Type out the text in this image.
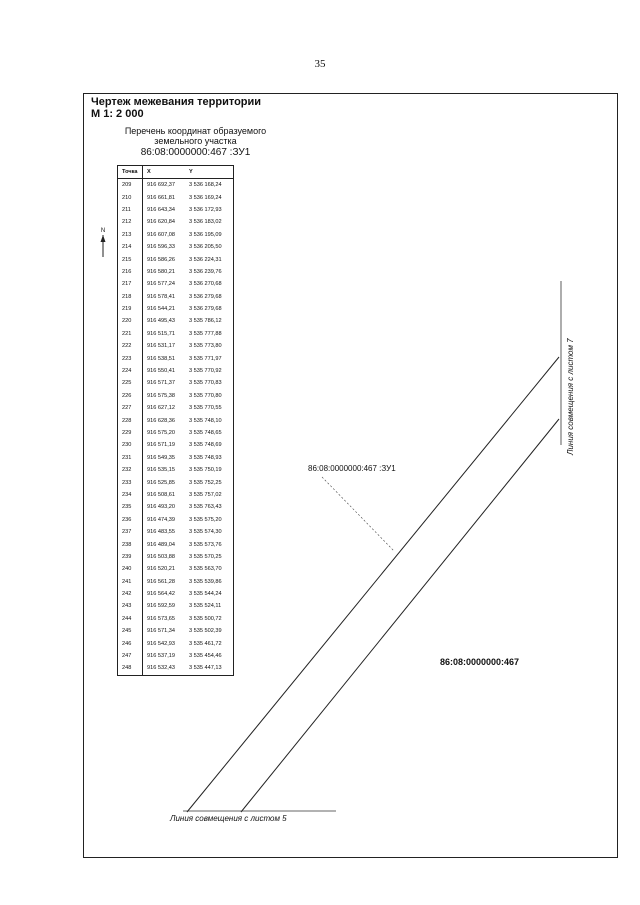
35
Чертеж межевания территории
М 1: 2 000
Перечень координат образуемого земельного участка
86:08:0000000:467 :ЗУ1
Точка	X	Y
209	916 692,37	3 536 168,24
210	916 661,81	3 536 169,24
211	916 643,34	3 536 172,93
212	916 620,84	3 536 183,02
213	916 607,08	3 536 195,09
214	916 596,33	3 536 205,50
215	916 586,26	3 536 224,31
216	916 580,21	3 536 239,76
217	916 577,24	3 536 270,68
218	916 578,41	3 536 279,68
219	916 544,21	3 536 279,68
220	916 495,43	3 535 786,12
221	916 515,71	3 535 777,88
222	916 531,17	3 535 773,80
223	916 538,51	3 535 771,97
224	916 550,41	3 535 770,92
225	916 571,37	3 535 770,83
226	916 575,38	3 535 770,80
227	916 627,12	3 535 770,55
228	916 628,36	3 535 748,10
229	916 575,20	3 535 748,65
230	916 571,19	3 535 748,69
231	916 549,35	3 535 748,93
232	916 535,15	3 535 750,19
233	916 525,85	3 535 752,25
234	916 508,61	3 535 757,02
235	916 493,20	3 535 763,43
236	916 474,39	3 535 575,20
237	916 483,55	3 535 574,30
238	916 489,04	3 535 573,76
239	916 503,88	3 535 570,25
240	916 520,21	3 535 563,70
241	916 561,28	3 535 539,86
242	916 564,42	3 535 544,24
243	916 592,59	3 535 524,11
244	916 573,65	3 535 500,72
245	916 571,34	3 535 502,39
246	916 542,93	3 535 461,72
247	916 537,19	3 535 454,46
248	916 532,43	3 535 447,13
N
86:08:0000000:467 :ЗУ1
86:08:0000000:467
Линия совмещения с листом 5
Линия совмещения с листом 7
